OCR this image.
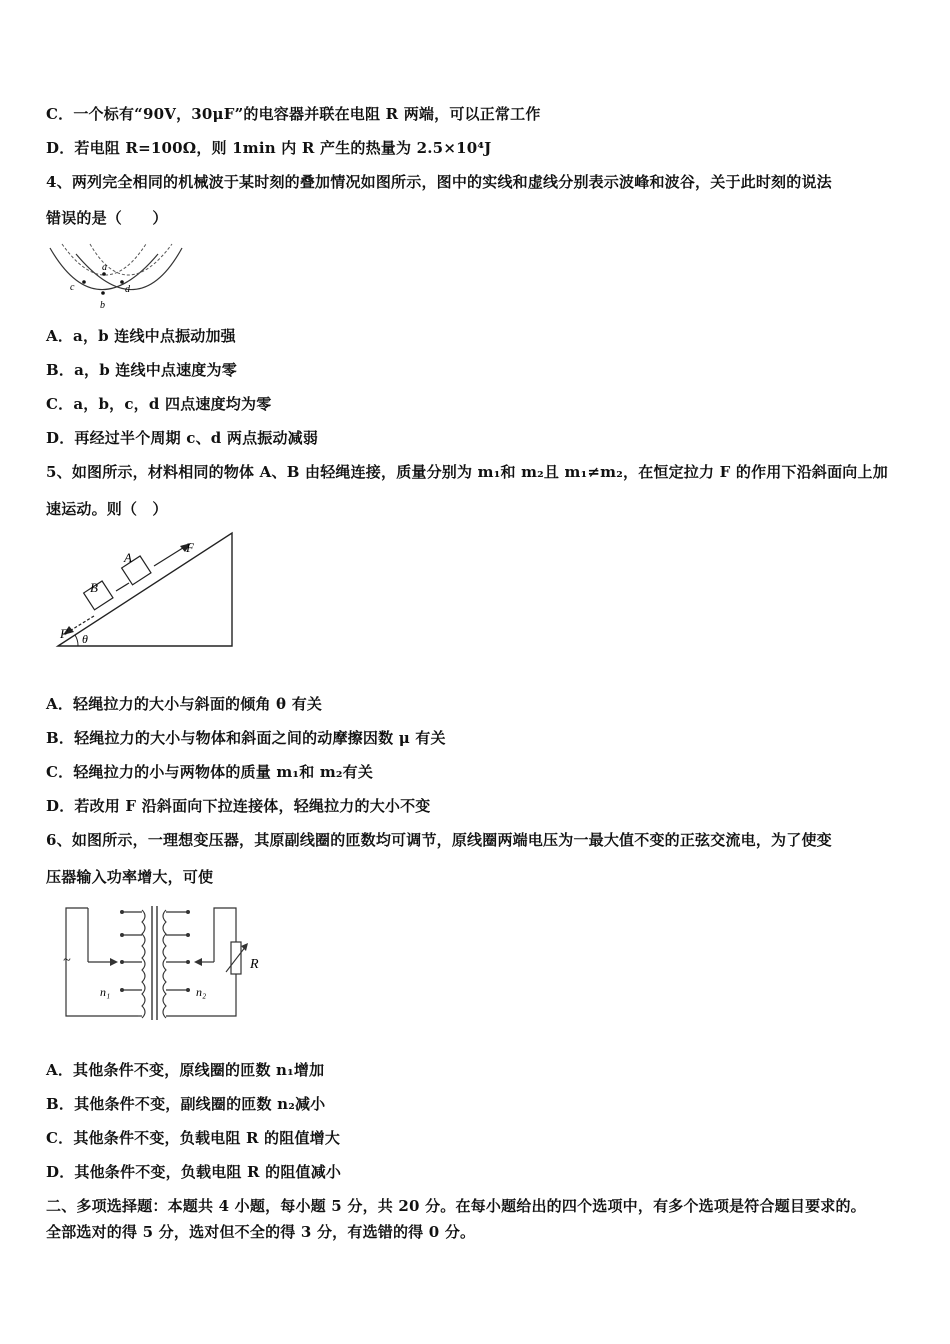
C．一个标有“90V，30μF”的电容器并联在电阻 R 两端，可以正常工作
D．若电阻 R=100Ω，则 1min 内 R 产生的热量为 2.5×10⁴J
4、两列完全相同的机械波于某时刻的叠加情况如图所示，图中的实线和虚线分别表示波峰和波谷，关于此时刻的说法
错误的是（　　）
a
c	d
b
A．a，b 连线中点振动加强
B．a，b 连线中点速度为零
C．a，b，c，d 四点速度均为零
D．再经过半个周期 c、d 两点振动减弱
5、如图所示，材料相同的物体 A、B 由轻绳连接，质量分别为 m₁和 m₂且 m₁≠m₂，在恒定拉力 F 的作用下沿斜面向上加
速运动。则（　）
B
A
F
F θ
A．轻绳拉力的大小与斜面的倾角 θ 有关
B．轻绳拉力的大小与物体和斜面之间的动摩擦因数 μ 有关
C．轻绳拉力的小与两物体的质量 m₁和 m₂有关
D．若改用 F 沿斜面向下拉连接体，轻绳拉力的大小不变
6、如图所示，一理想变压器，其原副线圈的匝数均可调节，原线圈两端电压为一最大值不变的正弦交流电，为了使变
压器输入功率增大，可使
~	R
n₁	n₂
A．其他条件不变，原线圈的匝数 n₁增加
B．其他条件不变，副线圈的匝数 n₂减小
C．其他条件不变，负载电阻 R 的阻值增大
D．其他条件不变，负载电阻 R 的阻值减小
二、多项选择题：本题共 4 小题，每小题 5 分，共 20 分。在每小题给出的四个选项中，有多个选项是符合题目要求的。
全部选对的得 5 分，选对但不全的得 3 分，有选错的得 0 分。
